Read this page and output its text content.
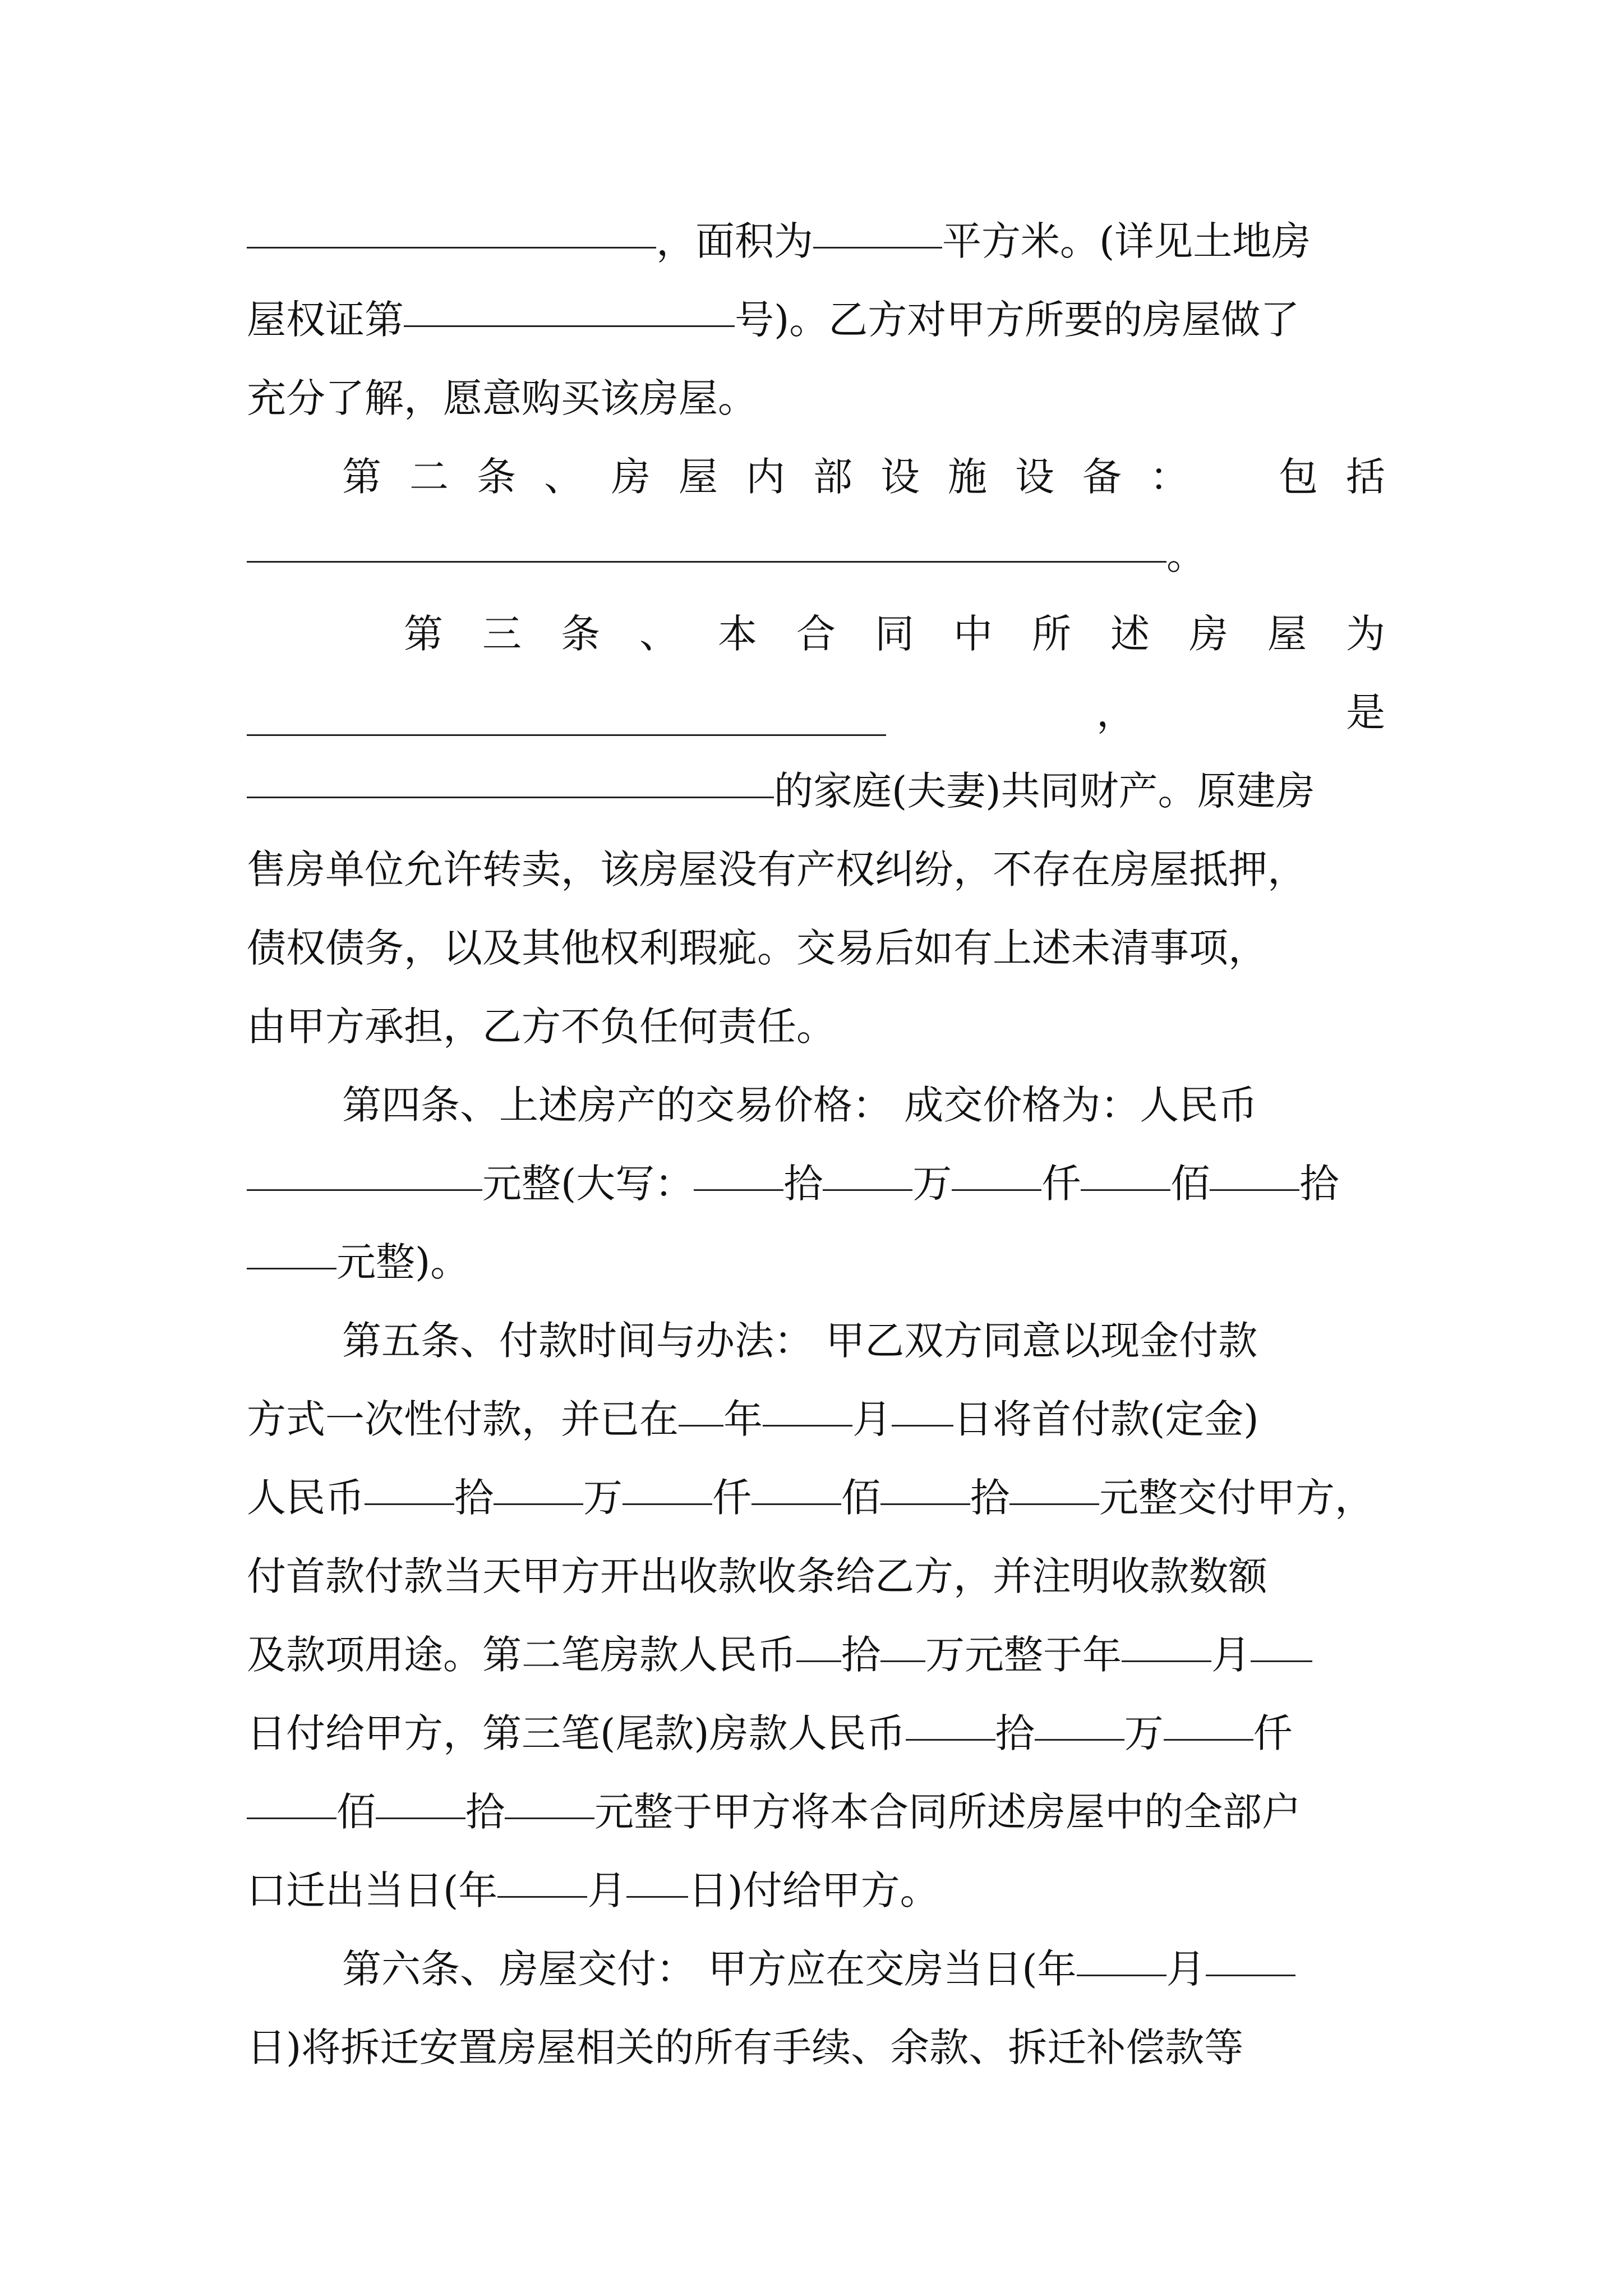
，面积为	平方米。(详见土地房
屋权证第	号)。乙方对甲方所要的房屋做了
充分了解，愿意购买该房屋。
第 二 条 、 房 屋 内 部 设 施 设 备 ： 包 括
。
第 三 条 、 本 合 同 中 所 述 房 屋 为
，	是
的家庭(夫妻)共同财产。原建房
售房单位允许转卖，该房屋没有产权纠纷，不存在房屋抵押，
债权债务，以及其他权利瑕疵。交易后如有上述未清事项，
由甲方承担，乙方不负任何责任。
第四条、上述房产的交易价格： 成交价格为：人民币
元整(大写： 拾 万 仟 佰 拾
元整)。
第五条、付款时间与办法： 甲乙双方同意以现金付款
方式一次性付款，并已在 年 月 日将首付款(定金)
人民币 拾 万 仟 佰 拾 元整交付甲方，
付首款付款当天甲方开出收款收条给乙方，并注明收款数额
及款项用途。第二笔房款人民币 拾 万元整于年 月
日付给甲方，第三笔(尾款)房款人民币 拾 万 仟
佰 拾 元整于甲方将本合同所述房屋中的全部户
口迁出当日(年 月 日)付给甲方。
第六条、房屋交付： 甲方应在交房当日(年 月
日)将拆迁安置房屋相关的所有手续、余款、拆迁补偿款等
